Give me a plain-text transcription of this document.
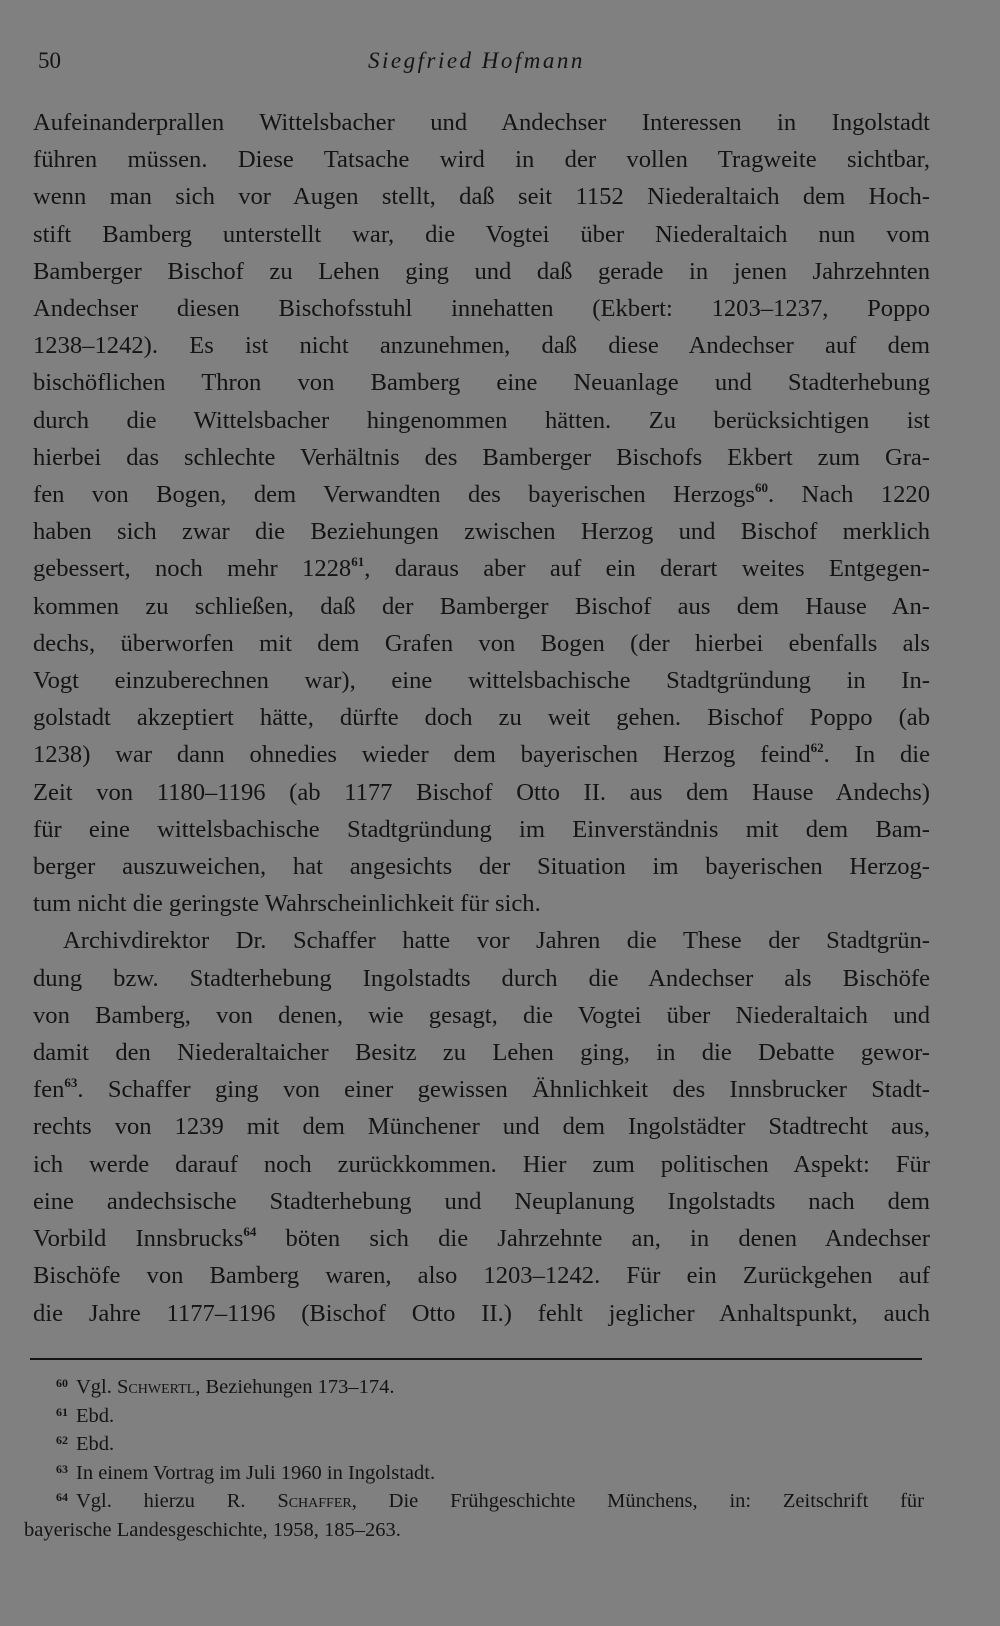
50	Siegfried Hofmann

Aufeinanderprallen Wittelsbacher und Andechser Interessen in Ingolstadt

führen müssen. Diese Tatsache wird in der vollen Tragweite sichtbar,

wenn man sich vor Augen stellt, daß seit 1152 Niederaltaich dem Hoch-

stift Bamberg unterstellt war, die Vogtei über Niederaltaich nun vom

Bamberger Bischof zu Lehen ging und daß gerade in jenen Jahrzehnten

Andechser diesen Bischofsstuhl innehatten (Ekbert: 1203–1237, Poppo

1238–1242). Es ist nicht anzunehmen, daß diese Andechser auf dem

bischöflichen Thron von Bamberg eine Neuanlage und Stadterhebung

durch die Wittelsbacher hingenommen hätten. Zu berücksichtigen ist

hierbei das schlechte Verhältnis des Bamberger Bischofs Ekbert zum Gra-

fen von Bogen, dem Verwandten des bayerischen Herzogs$^{60}$. Nach 1220

haben sich zwar die Beziehungen zwischen Herzog und Bischof merklich

gebessert, noch mehr 1228$^{61}$, daraus aber auf ein derart weites Entgegen-

kommen zu schließen, daß der Bamberger Bischof aus dem Hause An-

dechs, überworfen mit dem Grafen von Bogen (der hierbei ebenfalls als

Vogt einzuberechnen war), eine wittelsbachische Stadtgründung in In-

golstadt akzeptiert hätte, dürfte doch zu weit gehen. Bischof Poppo (ab

1238) war dann ohnedies wieder dem bayerischen Herzog feind$^{62}$. In die

Zeit von 1180–1196 (ab 1177 Bischof Otto II. aus dem Hause Andechs)

für eine wittelsbachische Stadtgründung im Einverständnis mit dem Bam-

berger auszuweichen, hat angesichts der Situation im bayerischen Herzog-

tum nicht die geringste Wahrscheinlichkeit für sich.

Archivdirektor Dr. Schaffer hatte vor Jahren die These der Stadtgrün-

dung bzw. Stadterhebung Ingolstadts durch die Andechser als Bischöfe

von Bamberg, von denen, wie gesagt, die Vogtei über Niederaltaich und

damit den Niederaltaicher Besitz zu Lehen ging, in die Debatte gewor-

fen$^{63}$. Schaffer ging von einer gewissen Ähnlichkeit des Innsbrucker Stadt-

rechts von 1239 mit dem Münchener und dem Ingolstädter Stadtrecht aus,

ich werde darauf noch zurückkommen. Hier zum politischen Aspekt: Für

eine andechsische Stadterhebung und Neuplanung Ingolstadts nach dem

Vorbild Innsbrucks$^{64}$ böten sich die Jahrzehnte an, in denen Andechser

Bischöfe von Bamberg waren, also 1203–1242. Für ein Zurückgehen auf

die Jahre 1177–1196 (Bischof Otto II.) fehlt jeglicher Anhaltspunkt, auch

$^{60}$ Vgl. Schwertl, Beziehungen 173–174.

$^{61}$ Ebd.

$^{62}$ Ebd.

$^{63}$ In einem Vortrag im Juli 1960 in Ingolstadt.

$^{64}$ Vgl. hierzu R. Schaffer, Die Frühgeschichte Münchens, in: Zeitschrift für
bayerische Landesgeschichte, 1958, 185–263.
